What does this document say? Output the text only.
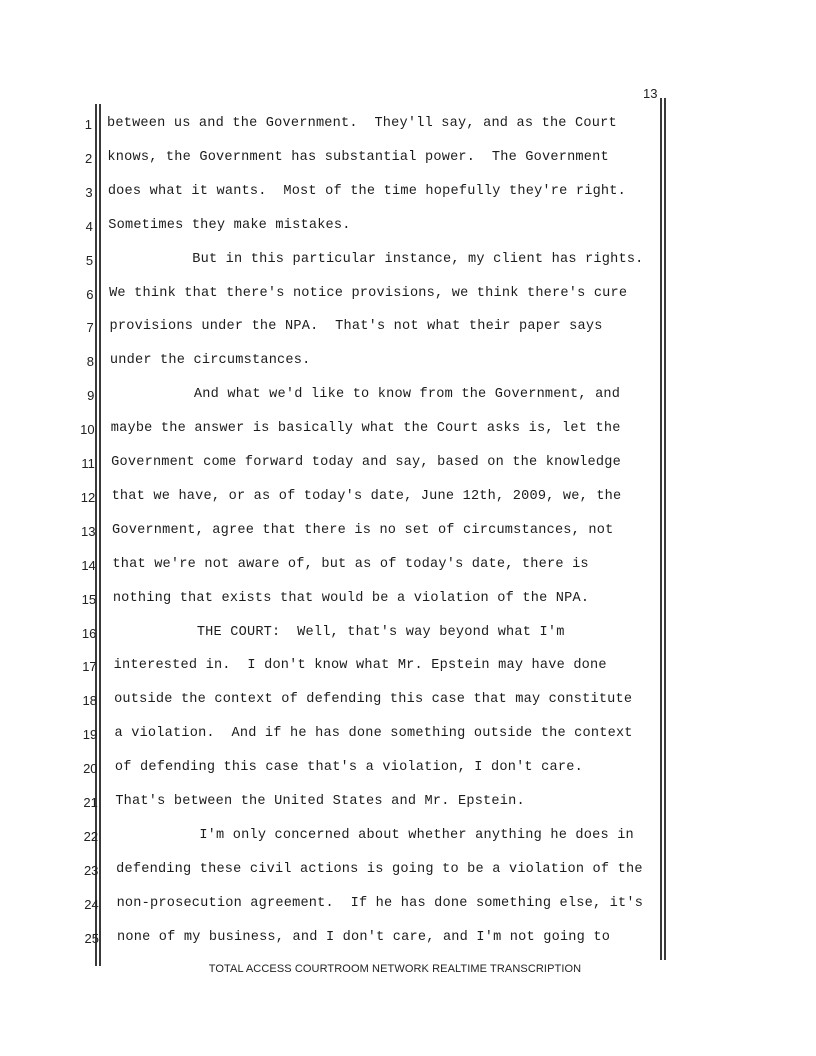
13
1 between us and the Government.  They'll say, and as the Court
2 knows, the Government has substantial power.  The Government
3 does what it wants.  Most of the time hopefully they're right.
4 Sometimes they make mistakes.
5 But in this particular instance, my client has rights.
6 We think that there's notice provisions, we think there's cure
7 provisions under the NPA.  That's not what their paper says
8 under the circumstances.
9 And what we'd like to know from the Government, and
10 maybe the answer is basically what the Court asks is, let the
11 Government come forward today and say, based on the knowledge
12 that we have, or as of today's date, June 12th, 2009, we, the
13 Government, agree that there is no set of circumstances, not
14 that we're not aware of, but as of today's date, there is
15 nothing that exists that would be a violation of the NPA.
16 THE COURT:  Well, that's way beyond what I'm
17 interested in.  I don't know what Mr. Epstein may have done
18 outside the context of defending this case that may constitute
19 a violation.  And if he has done something outside the context
20 of defending this case that's a violation, I don't care.
21 That's between the United States and Mr. Epstein.
22 I'm only concerned about whether anything he does in
23 defending these civil actions is going to be a violation of the
24 non-prosecution agreement.  If he has done something else, it's
25 none of my business, and I don't care, and I'm not going to
TOTAL ACCESS COURTROOM NETWORK REALTIME TRANSCRIPTION
